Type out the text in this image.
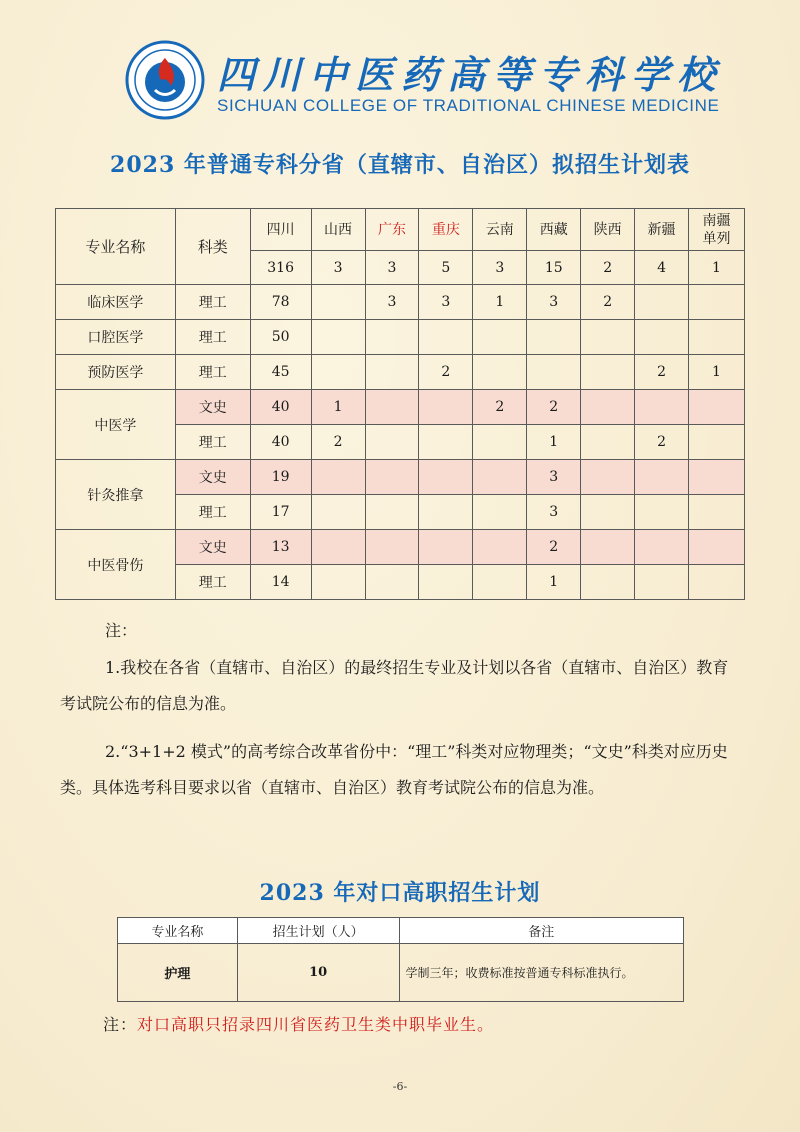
四川中医药高等专科学校
SICHUAN COLLEGE OF TRADITIONAL CHINESE MEDICINE
2023 年普通专科分省（直辖市、自治区）拟招生计划表
专业名称	科类	四川	山西	广东	重庆	云南	西藏	陕西	新疆	南疆
单列
		316	3	3	5	3	15	2	4	1
临床医学	理工	78		3	3	1	3	2		
口腔医学	理工	50								
预防医学	理工	45			2				2	1
中医学	文史	40	1			2	2			
	理工	40	2				1		2	
针灸推拿	文史	19					3			
	理工	17					3			
中医骨伤	文史	13					2			
	理工	14					1			
注：
1.我校在各省（直辖市、自治区）的最终招生专业及计划以各省（直辖市、自治区）教育考试院公布的信息为准。
2.“3+1+2 模式”的高考综合改革省份中：“理工”科类对应物理类；“文史”科类对应历史类。具体选考科目要求以省（直辖市、自治区）教育考试院公布的信息为准。
2023 年对口高职招生计划
专业名称	招生计划（人）	备注
护理	10	学制三年；收费标准按普通专科标准执行。
注：对口高职只招录四川省医药卫生类中职毕业生。
-6-
